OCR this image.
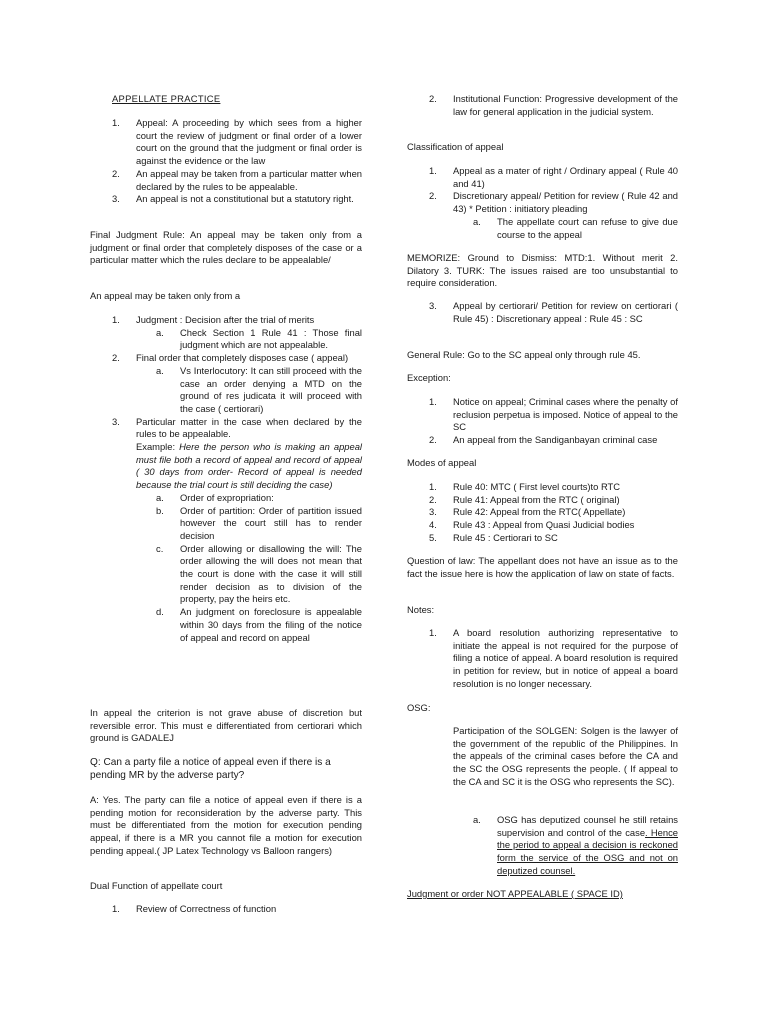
APPELLATE PRACTICE
1. Appeal: A proceeding by which sees from a higher court the review of judgment or final order of a lower court on the ground that the judgment or final order is against the evidence or the law
2. An appeal may be taken from a particular matter when declared by the rules to be appealable.
3. An appeal is not a constitutional but a statutory right.
Final Judgment Rule: An appeal may be taken only from a judgment or final order that completely disposes of the case or a particular matter which the rules declare to be appealable/
An appeal may be taken only from a
1. Judgment : Decision after the trial of merits
a. Check Section 1 Rule 41 : Those final judgment which are not appealable.
2. Final order that completely disposes case ( appeal)
a. Vs Interlocutory: It can still proceed with the case an order denying a MTD on the ground of res judicata it will proceed with the case ( certiorari)
3. Particular matter in the case when declared by the rules to be appealable.
Example: Here the person who is making an appeal must file both a record of appeal and record of appeal ( 30 days from order- Record of appeal is needed because the trial court is still deciding the case)
a. Order of expropriation:
b. Order of partition: Order of partition issued however the court still has to render decision
c. Order allowing or disallowing the will: The order allowing the will does not mean that the court is done with the case it will still render decision as to division of the property, pay the heirs etc.
d. An judgment on foreclosure is appealable within 30 days from the filing of the notice of appeal and record on appeal
In appeal the criterion is not grave abuse of discretion but reversible error. This must e differentiated from certiorari which ground is GADALEJ
Q: Can a party file a notice of appeal even if there is a pending MR by the adverse party?
A: Yes. The party can file a notice of appeal even if there is a pending motion for reconsideration by the adverse party. This must be differentiated from the motion for execution pending appeal, if there is a MR you cannot file a motion for execution pending appeal.( JP Latex Technology vs Balloon rangers)
Dual Function of appellate court
1. Review of Correctness of function
2. Institutional Function: Progressive development of the law for general application in the judicial system.
Classification of appeal
1. Appeal as a mater of right / Ordinary appeal ( Rule 40 and 41)
2. Discretionary appeal/ Petition for review ( Rule 42 and 43) * Petition : initiatory pleading
a. The appellate court can refuse to give due course to the appeal
MEMORIZE: Ground to Dismiss: MTD:1. Without merit 2. Dilatory 3. TURK: The issues raised are too unsubstantial to require consideration.
3. Appeal by certiorari/ Petition for review on certiorari ( Rule 45) : Discretionary appeal : Rule 45 : SC
General Rule: Go to the SC appeal only through rule 45.
Exception:
1. Notice on appeal; Criminal cases where the penalty of reclusion perpetua is imposed. Notice of appeal to the SC
2. An appeal from the Sandiganbayan criminal case
Modes of appeal
1. Rule 40: MTC ( First level courts)to RTC
2. Rule 41: Appeal from the RTC ( original)
3. Rule 42: Appeal from the RTC( Appellate)
4. Rule 43 : Appeal from Quasi Judicial bodies
5. Rule 45 : Certiorari to SC
Question of law: The appellant does not have an issue as to the fact the issue here is how the application of law on state of facts.
Notes:
1. A board resolution authorizing representative to initiate the appeal is not required for the purpose of filing a notice of appeal. A board resolution is required in petition for review, but in notice of appeal a board resolution is no longer necessary.
OSG:
Participation of the SOLGEN: Solgen is the lawyer of the government of the republic of the Philippines. In the appeals of the criminal cases before the CA and the SC the OSG represents the people. ( If appeal to the CA and SC it is the OSG who represents the SC).
a. OSG has deputized counsel he still retains supervision and control of the case. Hence the period to appeal a decision is reckoned form the service of the OSG and not on deputized counsel.
Judgment or order NOT APPEALABLE ( SPACE ID)
